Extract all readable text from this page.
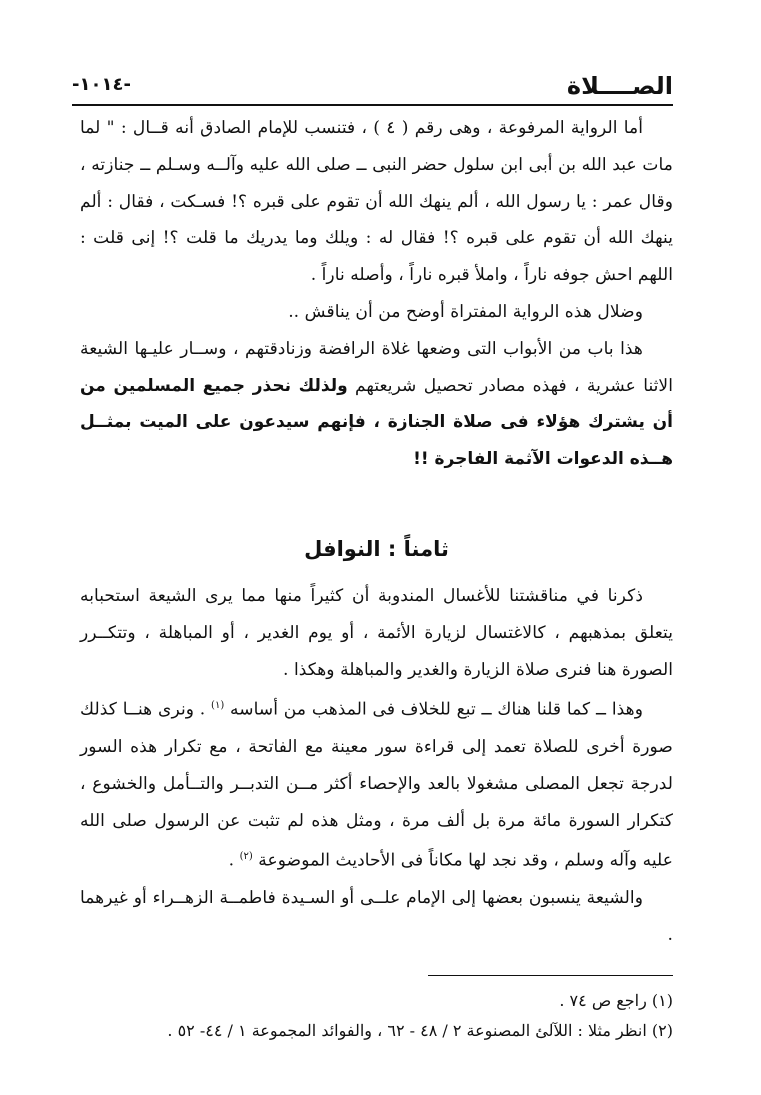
الصــــلاة
-١٠١٤-

أما الرواية المرفوعة ، وهى رقم ( ٤ ) ، فتنسب للإمام الصادق أنه قــال : " لما مات عبد الله بن أبى ابن سلول حضر النبى ــ صلى الله عليه وآلــه وسـلم ــ جنازته ، وقال عمر : يا رسول الله ، ألم ينهك الله أن تقوم على قبره ؟! فسـكت ، فقال : ألم ينهك الله أن تقوم على قبره ؟! فقال له : ويلك وما يدريك ما قلت ؟! إنى قلت : اللهم احش جوفه ناراً ، واملأ قبره ناراً ، وأصله ناراً .

وضلال هذه الرواية المفتراة أوضح من أن يناقش ..

هذا باب من الأبواب التى وضعها غلاة الرافضة وزنادقتهم ، وســار عليـها الشيعة الاثنا عشرية ، فهذه مصادر تحصيل شريعتهم ولذلك نحذر جميع المسلمين من أن يشترك هؤلاء فى صلاة الجنازة ، فإنهم سيدعون على الميت بمثــل هــذه الدعوات الآثمة الفاجرة !!

ثامناً : النوافل

ذكرنا في مناقشتنا للأغسال المندوبة أن كثيراً منها مما يرى الشيعة استحبابه يتعلق بمذهبهم ، كالاغتسال لزيارة الأئمة ، أو يوم الغدير ، أو المباهلة ، وتتكــرر الصورة هنا فنرى صلاة الزيارة والغدير والمباهلة وهكذا .

وهذا ــ كما قلنا هناك ــ تبع للخلاف فى المذهب من أساسه $^{(١)}$ . ونرى هنــا كذلك صورة أخرى للصلاة تعمد إلى قراءة سور معينة مع الفاتحة ، مع تكرار هذه السور لدرجة تجعل المصلى مشغولا بالعد والإحصاء أكثر مــن التدبــر والتــأمل والخشوع ، كتكرار السورة مائة مرة بل ألف مرة ، ومثل هذه لم تثبت عن الرسول صلى الله عليه وآله وسلم ، وقد نجد لها مكاناً فى الأحاديث الموضوعة $^{(٢)}$ .

والشيعة ينسبون بعضها إلى الإمام علــى أو السـيدة فاطمــة الزهــراء أو غيرهما .

(١) راجع ص ٧٤ .
(٢) انظر مثلا : اللآلئ المصنوعة ٢ / ٤٨ - ٦٢ ، والفوائد المجموعة ١ / ٤٤- ٥٢ .
